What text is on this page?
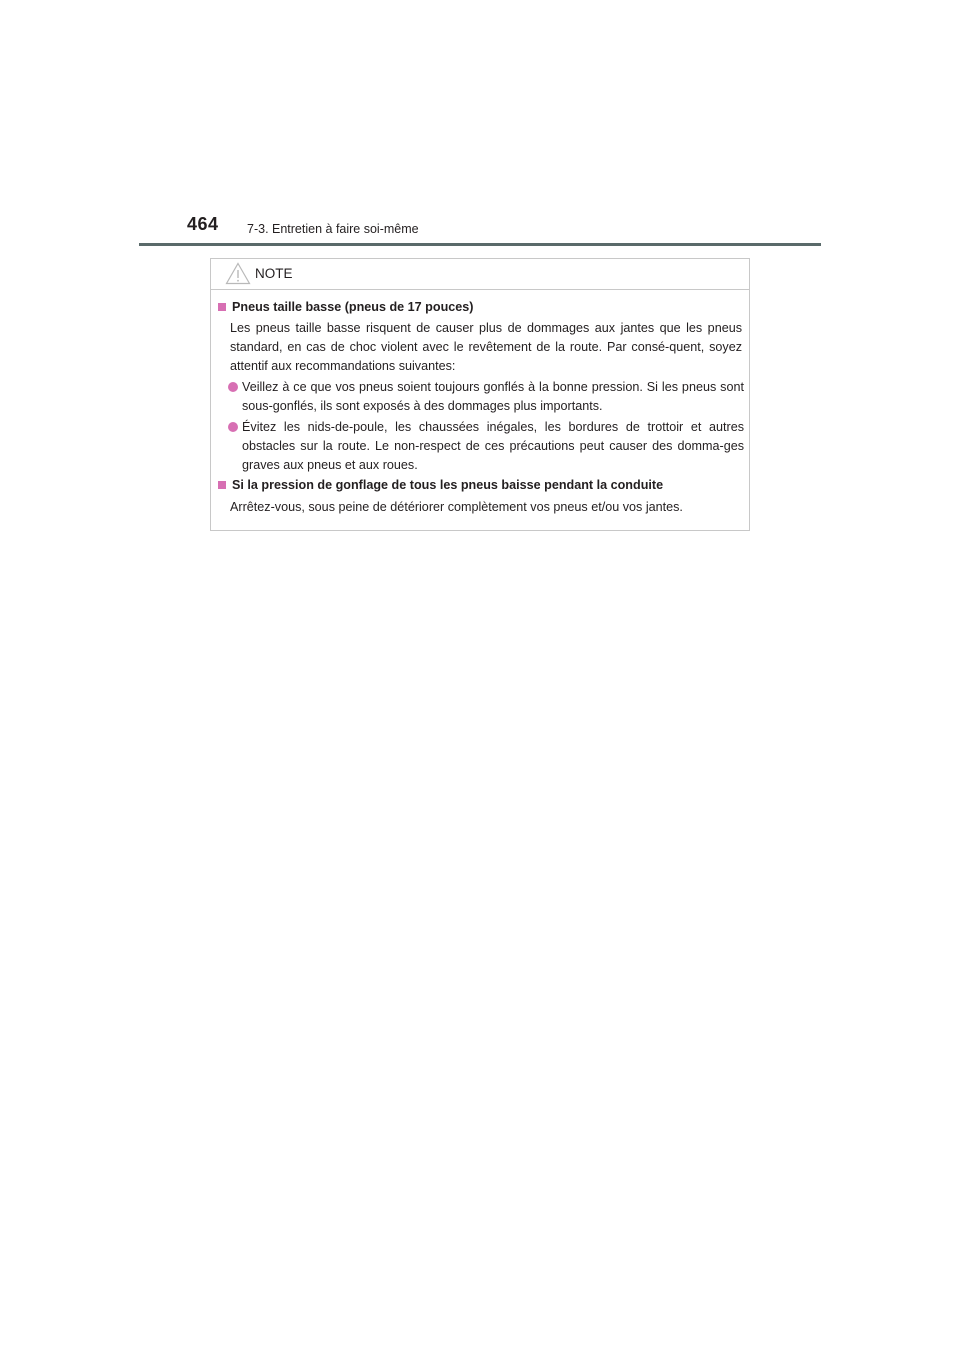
464 7-3. Entretien à faire soi-même
NOTE
Pneus taille basse (pneus de 17 pouces)
Les pneus taille basse risquent de causer plus de dommages aux jantes que les pneus standard, en cas de choc violent avec le revêtement de la route. Par consé-quent, soyez attentif aux recommandations suivantes:
Veillez à ce que vos pneus soient toujours gonflés à la bonne pression. Si les pneus sont sous-gonflés, ils sont exposés à des dommages plus importants.
Évitez les nids-de-poule, les chaussées inégales, les bordures de trottoir et autres obstacles sur la route. Le non-respect de ces précautions peut causer des domma-ges graves aux pneus et aux roues.
Si la pression de gonflage de tous les pneus baisse pendant la conduite
Arrêtez-vous, sous peine de détériorer complètement vos pneus et/ou vos jantes.
